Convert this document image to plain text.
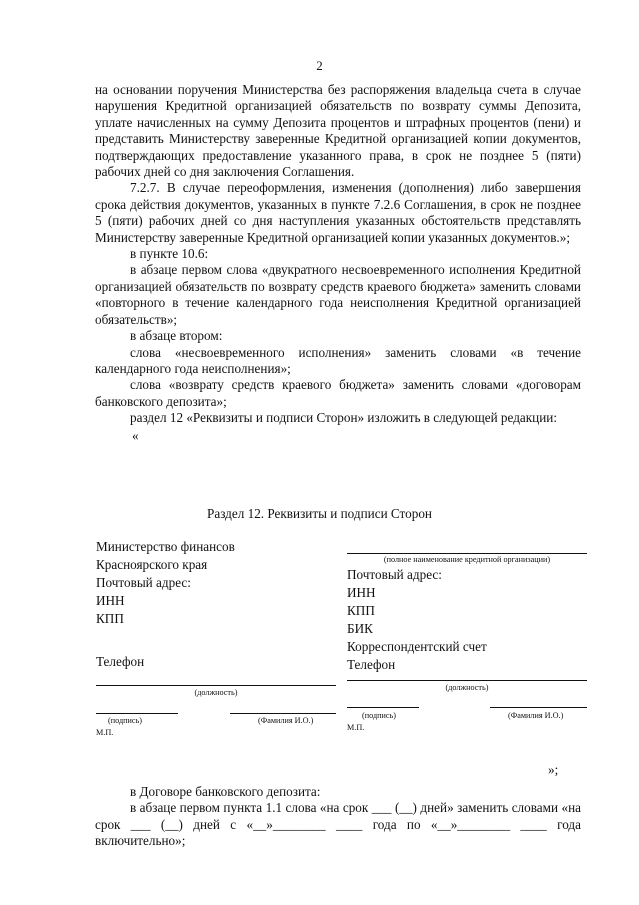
2
на основании поручения Министерства без распоряжения владельца счета в случае нарушения Кредитной организацией обязательств по возврату суммы Депозита, уплате начисленных на сумму Депозита процентов и штрафных процентов (пени) и представить Министерству заверенные Кредитной организацией копии документов, подтверждающих предоставление указанного права, в срок не позднее 5 (пяти) рабочих дней со дня заключения Соглашения.
7.2.7. В случае переоформления, изменения (дополнения) либо завершения срока действия документов, указанных в пункте 7.2.6 Соглашения, в срок не позднее 5 (пяти) рабочих дней со дня наступления указанных обстоятельств представлять Министерству заверенные Кредитной организацией копии указанных документов.»;
в пункте 10.6:
в абзаце первом слова «двукратного несвоевременного исполнения Кредитной организацией обязательств по возврату средств краевого бюджета» заменить словами «повторного в течение календарного года неисполнения Кредитной организацией обязательств»;
в абзаце втором:
слова «несвоевременного исполнения» заменить словами «в течение календарного года неисполнения»;
слова «возврату средств краевого бюджета» заменить словами «договорам банковского депозита»;
раздел 12 «Реквизиты и подписи Сторон» изложить в следующей редакции:
«
Раздел 12. Реквизиты и подписи Сторон
Министерство финансов
Красноярского края
Почтовый адрес:
ИНН
КПП
Телефон
(полное наименование кредитной организации)
Почтовый адрес:
ИНН
КПП
БИК
Корреспондентский счет
Телефон
(должность)
(подпись)	(Фамилия И.О.)
М.П.
(должность)
(подпись)	(Фамилия И.О.)
М.П.
»;
в Договоре банковского депозита:
в абзаце первом пункта 1.1 слова «на срок ___ (__) дней» заменить словами «на срок ___ (__) дней с «__»________ ____ года по «__»________ ____ года включительно»;
